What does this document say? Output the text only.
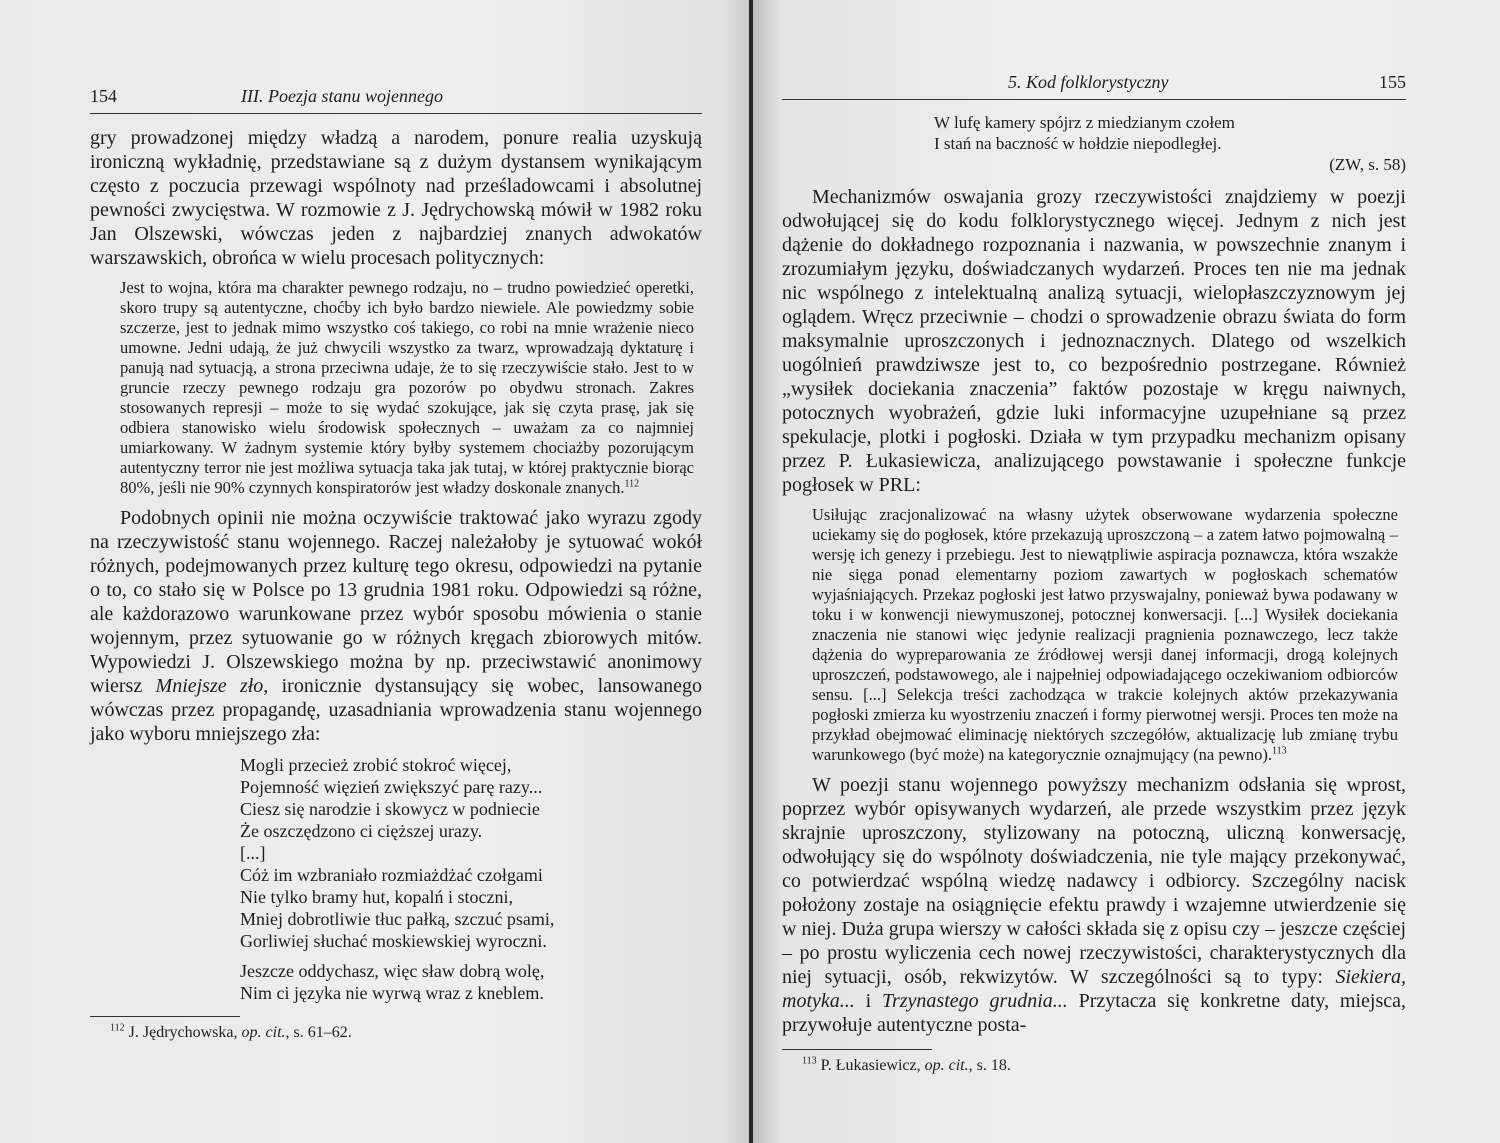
154	III. Poezja stanu wojennego

gry prowadzonej między władzą a narodem, ponure realia uzyskują ironiczną wykładnię, przedstawiane są z dużym dystansem wynikającym często z poczucia przewagi wspólnoty nad prześladowcami i absolutnej pewności zwycięstwa. W rozmowie z J. Jędrychowską mówił w 1982 roku Jan Olszewski, wówczas jeden z najbardziej znanych adwokatów warszawskich, obrońca w wielu procesach politycznych:

Jest to wojna, która ma charakter pewnego rodzaju, no – trudno powiedzieć operetki, skoro trupy są autentyczne, choćby ich było bardzo niewiele. Ale powiedzmy sobie szczerze, jest to jednak mimo wszystko coś takiego, co robi na mnie wrażenie nieco umowne. Jedni udają, że już chwycili wszystko za twarz, wprowadzają dyktaturę i panują nad sytuacją, a strona przeciwna udaje, że to się rzeczywiście stało. Jest to w gruncie rzeczy pewnego rodzaju gra pozorów po obydwu stronach. Zakres stosowanych represji – może to się wydać szokujące, jak się czyta prasę, jak się odbiera stanowisko wielu środowisk społecznych – uważam za co najmniej umiarkowany. W żadnym systemie który byłby systemem chociażby pozorującym autentyczny terror nie jest możliwa sytuacja taka jak tutaj, w której praktycznie biorąc 80%, jeśli nie 90% czynnych konspiratorów jest władzy doskonale znanych.$^{112}$

Podobnych opinii nie można oczywiście traktować jako wyrazu zgody na rzeczywistość stanu wojennego. Raczej należałoby je sytuować wokół różnych, podejmowanych przez kulturę tego okresu, odpowiedzi na pytanie o to, co stało się w Polsce po 13 grudnia 1981 roku. Odpowiedzi są różne, ale każdorazowo warunkowane przez wybór sposobu mówienia o stanie wojennym, przez sytuowanie go w różnych kręgach zbiorowych mitów. Wypowiedzi J. Olszewskiego można by np. przeciwstawić anonimowy wiersz Mniejsze zło, ironicznie dystansujący się wobec, lansowanego wówczas przez propagandę, uzasadniania wprowadzenia stanu wojennego jako wyboru mniejszego zła:

Mogli przecież zrobić stokroć więcej,
Pojemność więzień zwiększyć parę razy...
Ciesz się narodzie i skowycz w podniecie
Że oszczędzono ci cięższej urazy.
[...]
Cóż im wzbraniało rozmiażdżać czołgami
Nie tylko bramy hut, kopalń i stoczni,
Mniej dobrotliwie tłuc pałką, szczuć psami,
Gorliwiej słuchać moskiewskiej wyroczni.
Jeszcze oddychasz, więc sław dobrą wolę,
Nim ci języka nie wyrwą wraz z kneblem.
$^{112}$ J. Jędrychowska, op. cit., s. 61–62.
5. Kod folklorystyczny	155
W lufę kamery spójrz z miedzianym czołem
I stań na baczność w hołdzie niepodległej.
(ZW, s. 58)

Mechanizmów oswajania grozy rzeczywistości znajdziemy w poezji odwołującej się do kodu folklorystycznego więcej. Jednym z nich jest dążenie do dokładnego rozpoznania i nazwania, w powszechnie znanym i zrozumiałym języku, doświadczanych wydarzeń. Proces ten nie ma jednak nic wspólnego z intelektualną analizą sytuacji, wielopłaszczyznowym jej oglądem. Wręcz przeciwnie – chodzi o sprowadzenie obrazu świata do form maksymalnie uproszczonych i jednoznacznych. Dlatego od wszelkich uogólnień prawdziwsze jest to, co bezpośrednio postrzegane. Również „wysiłek dociekania znaczenia” faktów pozostaje w kręgu naiwnych, potocznych wyobrażeń, gdzie luki informacyjne uzupełniane są przez spekulacje, plotki i pogłoski. Działa w tym przypadku mechanizm opisany przez P. Łukasiewicza, analizującego powstawanie i społeczne funkcje pogłosek w PRL:

Usiłując zracjonalizować na własny użytek obserwowane wydarzenia społeczne uciekamy się do pogłosek, które przekazują uproszczoną – a zatem łatwo pojmowalną – wersję ich genezy i przebiegu. Jest to niewątpliwie aspiracja poznawcza, która wszakże nie sięga ponad elementarny poziom zawartych w pogłoskach schematów wyjaśniających. Przekaz pogłoski jest łatwo przyswajalny, ponieważ bywa podawany w toku i w konwencji niewymuszonej, potocznej konwersacji. [...] Wysiłek dociekania znaczenia nie stanowi więc jedynie realizacji pragnienia poznawczego, lecz także dążenia do wypreparowania ze źródłowej wersji danej informacji, drogą kolejnych uproszczeń, podstawowego, ale i najpełniej odpowiadającego oczekiwaniom odbiorców sensu. [...] Selekcja treści zachodząca w trakcie kolejnych aktów przekazywania pogłoski zmierza ku wyostrzeniu znaczeń i formy pierwotnej wersji. Proces ten może na przykład obejmować eliminację niektórych szczegółów, aktualizację lub zmianę trybu warunkowego (być może) na kategorycznie oznajmujący (na pewno).$^{113}$

W poezji stanu wojennego powyższy mechanizm odsłania się wprost, poprzez wybór opisywanych wydarzeń, ale przede wszystkim przez język skrajnie uproszczony, stylizowany na potoczną, uliczną konwersację, odwołujący się do wspólnoty doświadczenia, nie tyle mający przekonywać, co potwierdzać wspólną wiedzę nadawcy i odbiorcy. Szczególny nacisk położony zostaje na osiągnięcie efektu prawdy i wzajemne utwierdzenie się w niej. Duża grupa wierszy w całości składa się z opisu czy – jeszcze częściej – po prostu wyliczenia cech nowej rzeczywistości, charakterystycznych dla niej sytuacji, osób, rekwizytów. W szczególności są to typy: Siekiera, motyka... i Trzynastego grudnia... Przytacza się konkretne daty, miejsca, przywołuje autentyczne posta-

$^{113}$ P. Łukasiewicz, op. cit., s. 18.
